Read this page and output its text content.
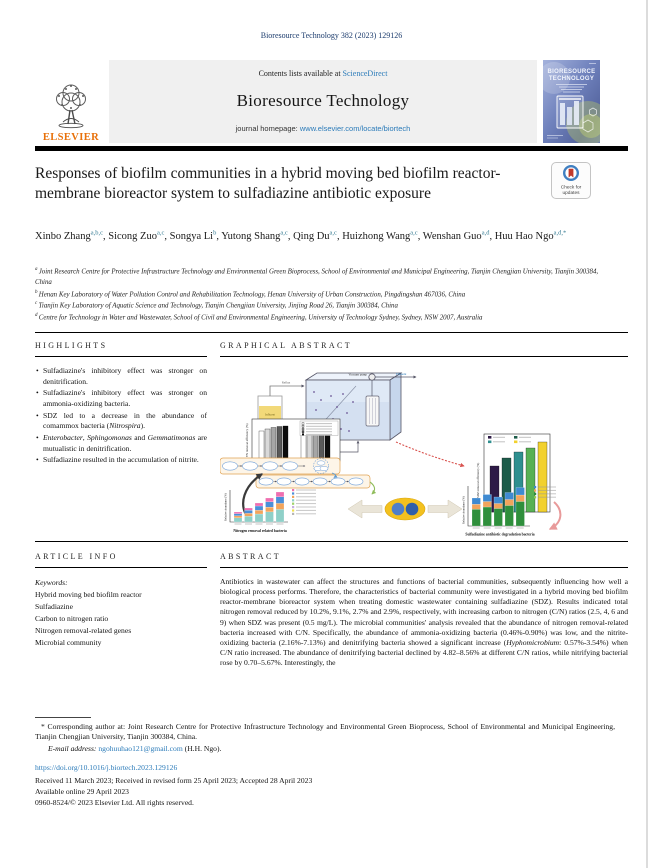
Bioresource Technology 382 (2023) 129126
ELSEVIER
Contents lists available at ScienceDirect
Bioresource Technology
journal homepage: www.elsevier.com/locate/biortech
BIORESOURCE
TECHNOLOGY
Responses of biofilm communities in a hybrid moving bed biofilm reactor-membrane bioreactor system to sulfadiazine antibiotic exposure	Check for
updates
Xinbo Zhang$^{a,b,c}$, Sicong Zuo$^{a,c}$, Songya Li$^b$, Yutong Shang$^{a,c}$, Qing Du$^{a,c}$, Huizhong Wang$^{a,c}$, Wenshan Guo$^{a,d}$, Huu Hao Ngo$^{a,d,*}$
$^a$ Joint Research Centre for Protective Infrastructure Technology and Environmental Green Bioprocess, School of Environmental and Municipal Engineering, Tianjin Chengjian University, Tianjin 300384, China
$^b$ Henan Key Laboratory of Water Pollution Control and Rehabilitation Technology, Henan University of Urban Construction, Pingdingshan 467036, China
$^c$ Tianjin Key Laboratory of Aquatic Science and Technology, Tianjin Chengjian University, Jinjing Road 26, Tianjin 300384, China
$^d$ Centre for Technology in Water and Wastewater, School of Civil and Environmental Engineering, University of Technology Sydney, Sydney, NSW 2007, Australia
HIGHLIGHTS
• Sulfadiazine's inhibitory effect was stronger on denitrification.
• Sulfadiazine's inhibitory effect was stronger on ammonia-oxidizing bacteria.
• SDZ led to a decrease in the abundance of comammox bacteria (Nitrospira).
• Enterobacter, Sphingomonas and Gemmatimonas are mutualistic in denitrification.
• Sulfadiazine resulted in the accumulation of nitrite.
GRAPHICAL ABSTRACT
Vacuum pump	Effluent
Influent
Reflux
TN removal efficiency (%)
SDZ removal efficiency (%)
Relative abundance (%)
Nitrogen removal related bacteria
Relative abundance (%)
Sulfadiazine antibiotic degradation bacteria
ARTICLE INFO
Keywords:
Hybrid moving bed biofilm reactor
Sulfadiazine
Carbon to nitrogen ratio
Nitrogen removal-related genes
Microbial community
ABSTRACT

Antibiotics in wastewater can affect the structures and functions of bacterial communities, subsequently influencing how well a biological process performs. Therefore, the characteristics of bacterial community were investigated in a hybrid moving bed biofilm reactor-membrane bioreactor system when treating domestic wastewater containing sulfadiazine (SDZ). Results indicated total nitrogen removal reduced by 10.2%, 9.1%, 2.7% and 2.9%, respectively, with increasing carbon to nitrogen (C/N) ratios (2.5, 4, 6 and 9) when SDZ was present (0.5 mg/L). The microbial communities' analysis revealed that the abundance of nitrogen removal-related bacteria increased with C/N. Specifically, the abundance of ammonia-oxidizing bacteria (0.46%-0.90%) was low, and the nitrite-oxidizing bacteria (2.16%-7.13%) and denitrifying bacteria showed a significant increase (Hyphomicrobium: 0.57%-3.54%) when C/N ratio increased. The abundance of denitrifying bacterial declined by 4.82–8.56% at different C/N ratios, while nitrifying bacterial rose by 0.70–5.67%. Interestingly, the

* Corresponding author at: Joint Research Centre for Protective Infrastructure Technology and Environmental Green Bioprocess, School of Environmental and Municipal Engineering, Tianjin Chengjian University, Tianjin 300384, China.
E-mail address: ngohuuhao121@gmail.com (H.H. Ngo).
https://doi.org/10.1016/j.biortech.2023.129126
Received 11 March 2023; Received in revised form 25 April 2023; Accepted 28 April 2023
Available online 29 April 2023
0960-8524/© 2023 Elsevier Ltd. All rights reserved.
